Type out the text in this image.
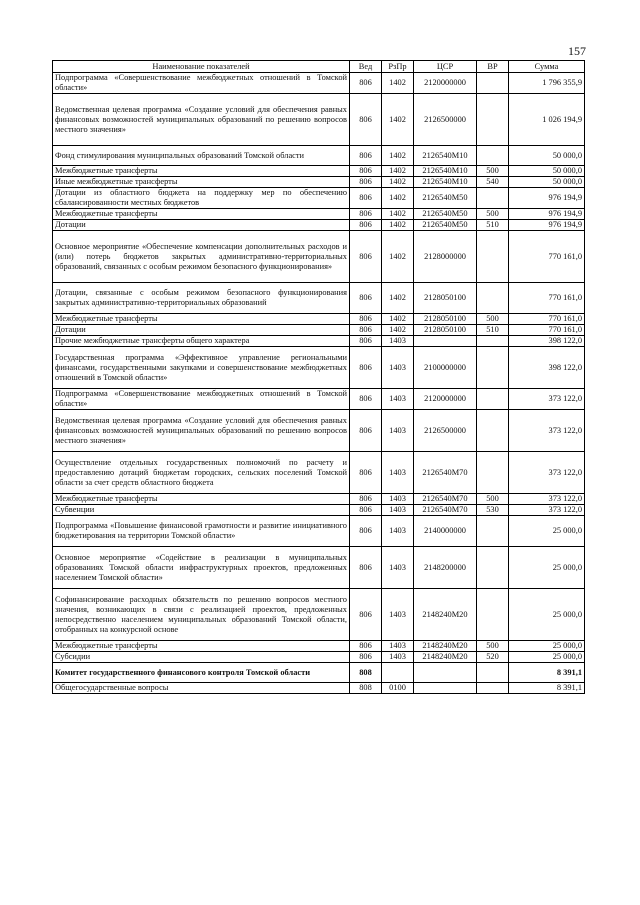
157
Наименование показателей	Вед	РзПр	ЦСР	ВР	Сумма
Подпрограмма «Совершенствование межбюджетных отношений в Томской области»	806	1402	2120000000		1 796 355,9
Ведомственная целевая программа «Создание условий для обеспечения равных финансовых возможностей муниципальных образований по решению вопросов местного значения»	806	1402	2126500000		1 026 194,9
Фонд стимулирования муниципальных образований Томской области	806	1402	2126540M10		50 000,0
Межбюджетные трансферты	806	1402	2126540M10	500	50 000,0
Иные межбюджетные трансферты	806	1402	2126540M10	540	50 000,0
Дотации из областного бюджета на поддержку мер по обеспечению сбалансированности местных бюджетов	806	1402	2126540M50		976 194,9
Межбюджетные трансферты	806	1402	2126540M50	500	976 194,9
Дотации	806	1402	2126540M50	510	976 194,9
Основное мероприятие «Обеспечение компенсации дополнительных расходов и (или) потерь бюджетов закрытых административно-территориальных образований, связанных с особым режимом безопасного функционирования»	806	1402	2128000000		770 161,0
Дотации, связанные с особым режимом безопасного функционирования закрытых административно-территориальных образований	806	1402	2128050100		770 161,0
Межбюджетные трансферты	806	1402	2128050100	500	770 161,0
Дотации	806	1402	2128050100	510	770 161,0
Прочие межбюджетные трансферты общего характера	806	1403			398 122,0
Государственная программа «Эффективное управление региональными финансами, государственными закупками и совершенствование межбюджетных отношений в Томской области»	806	1403	2100000000		398 122,0
Подпрограмма «Совершенствование межбюджетных отношений в Томской области»	806	1403	2120000000		373 122,0
Ведомственная целевая программа «Создание условий для обеспечения равных финансовых возможностей муниципальных образований по решению вопросов местного значения»	806	1403	2126500000		373 122,0
Осуществление отдельных государственных полномочий по расчету и предоставлению дотаций бюджетам городских, сельских поселений Томской области за счет средств областного бюджета	806	1403	2126540M70		373 122,0
Межбюджетные трансферты	806	1403	2126540M70	500	373 122,0
Субвенции	806	1403	2126540M70	530	373 122,0
Подпрограмма «Повышение финансовой грамотности и развитие инициативного бюджетирования на территории Томской области»	806	1403	2140000000		25 000,0
Основное мероприятие «Содействие в реализации в муниципальных образованиях Томской области инфраструктурных проектов, предложенных населением Томской области»	806	1403	2148200000		25 000,0
Софинансирование расходных обязательств по решению вопросов местного значения, возникающих в связи с реализацией проектов, предложенных непосредственно населением муниципальных образований Томской области, отобранных на конкурсной основе	806	1403	2148240M20		25 000,0
Межбюджетные трансферты	806	1403	2148240M20	500	25 000,0
Субсидии	806	1403	2148240M20	520	25 000,0
Комитет государственного финансового контроля Томской области	808				8 391,1
Общегосударственные вопросы	808	0100			8 391,1
